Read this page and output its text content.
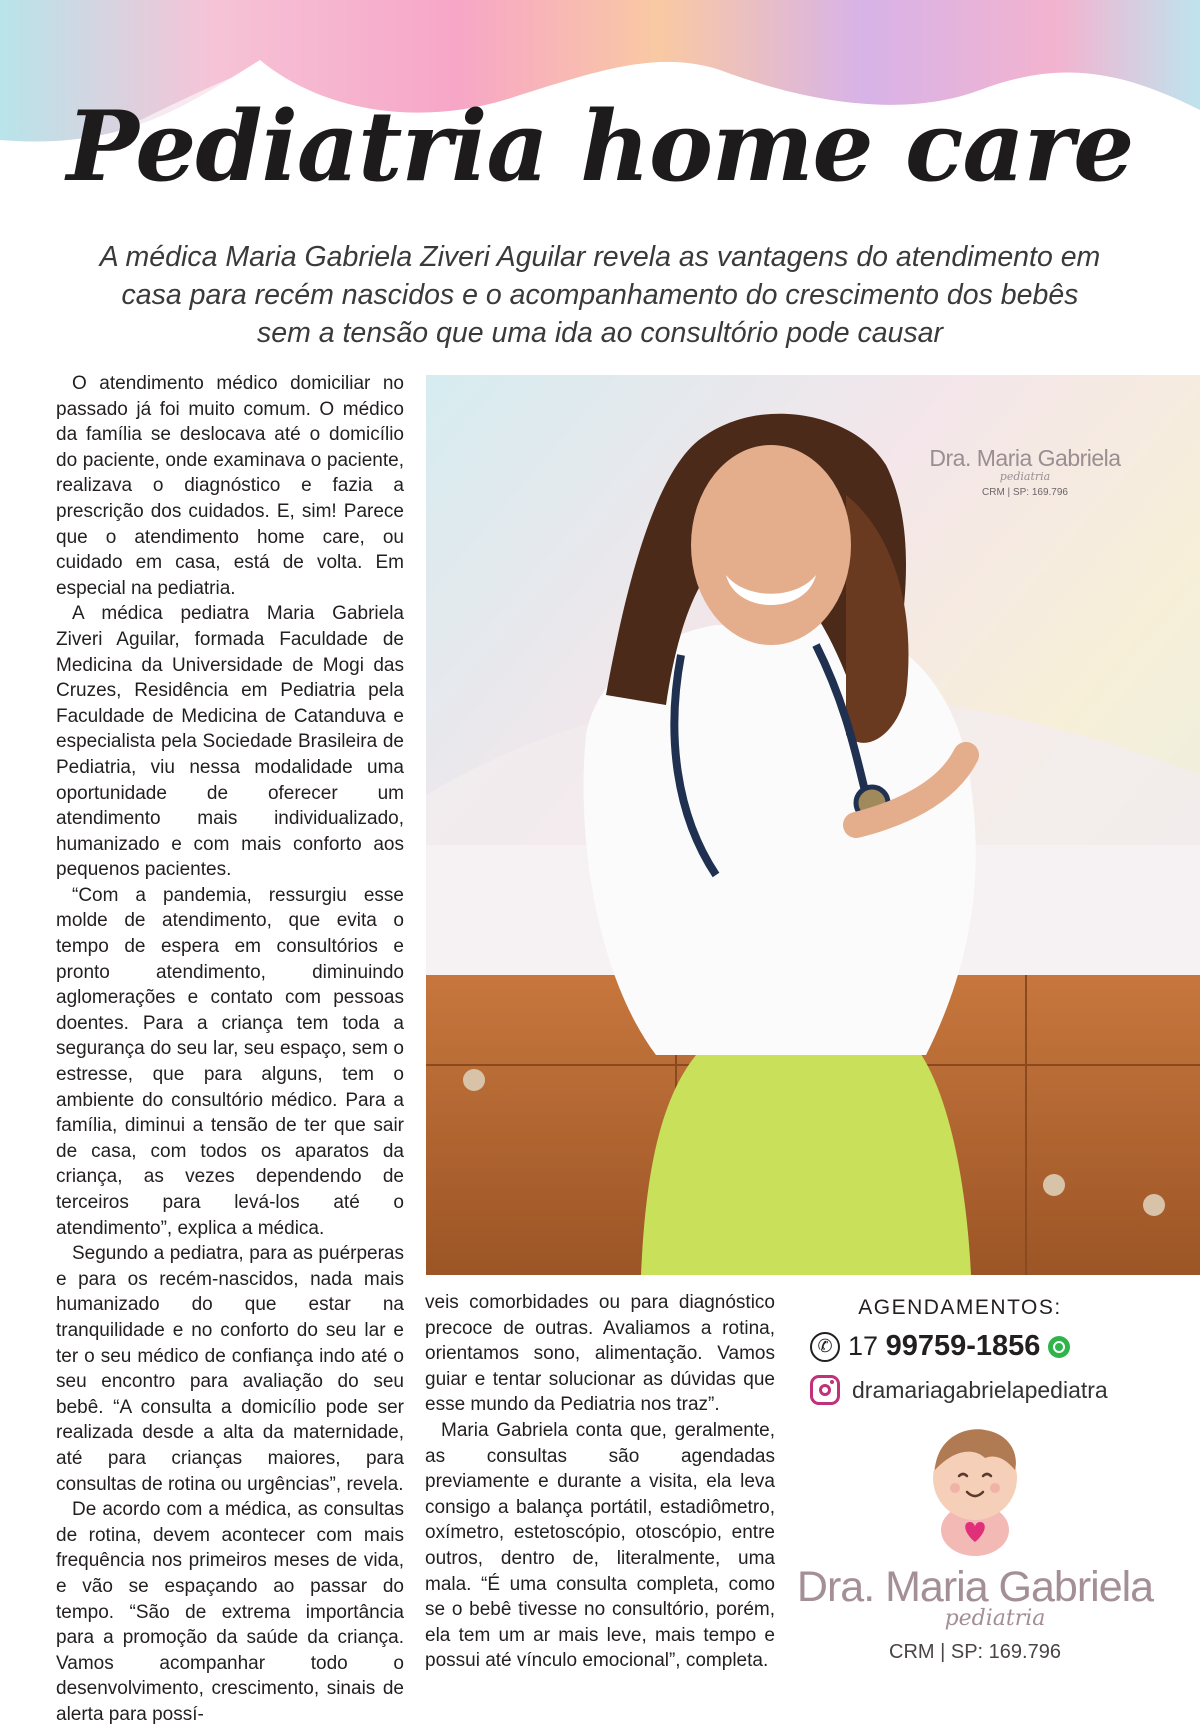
Pediatria home care
A médica Maria Gabriela Ziveri Aguilar revela as vantagens do atendimento em
casa para recém nascidos e o acompanhamento do crescimento dos bebês
sem a tensão que uma ida ao consultório pode causar

O atendimento médico domiciliar no passado já foi muito comum. O médico da família se deslocava até o domicílio do paciente, onde examinava o paciente, realizava o diagnóstico e fazia a prescrição dos cuidados. E, sim! Parece que o atendimento home care, ou cuidado em casa, está de volta. Em especial na pediatria.

A médica pediatra Maria Gabriela Ziveri Aguilar, formada Faculdade de Medicina da Universidade de Mogi das Cruzes, Residência em Pediatria pela Faculdade de Medicina de Catanduva e especialista pela Sociedade Brasileira de Pediatria, viu nessa modalidade uma oportunidade de oferecer um atendimento mais individualizado, humanizado e com mais conforto aos pequenos pacientes.

“Com a pandemia, ressurgiu esse molde de atendimento, que evita o tempo de espera em consultórios e pronto atendimento, diminuindo aglomerações e contato com pessoas doentes. Para a criança tem toda a segurança do seu lar, seu espaço, sem o estresse, que para alguns, tem o ambiente do consultório médico. Para a família, diminui a tensão de ter que sair de casa, com todos os aparatos da criança, as vezes dependendo de terceiros para levá-los até o atendimento”, explica a médica.

Segundo a pediatra, para as puérperas e para os recém-nascidos, nada mais humanizado do que estar na tranquilidade e no conforto do seu lar e ter o seu médico de confiança indo até o seu encontro para avaliação do seu bebê. “A consulta a domicílio pode ser realizada desde a alta da maternidade, até para crianças maiores, para consultas de rotina ou urgências”, revela.

De acordo com a médica, as consultas de rotina, devem acontecer com mais frequência nos primeiros meses de vida, e vão se espaçando ao passar do tempo. “São de extrema importância para a promoção da saúde da criança. Vamos acompanhar todo o desenvolvimento, crescimento, sinais de alerta para possí-

Dra. Maria Gabriela
pediatria
CRM | SP: 169.796

veis comorbidades ou para diagnóstico precoce de outras. Avaliamos a rotina, orientamos sono, alimentação. Vamos guiar e tentar solucionar as dúvidas que esse mundo da Pediatria nos traz”.

Maria Gabriela conta que, geralmente, as consultas são agendadas previamente e durante a visita, ela leva consigo a balança portátil, estadiômetro, oxímetro, estetoscópio, otoscópio, entre outros, dentro de, literalmente, uma mala. “É uma consulta completa, como se o bebê tivesse no consultório, porém, ela tem um ar mais leve, mais tempo e possui até vínculo emocional”, completa.

AGENDAMENTOS:
✆ 17 99759-1856
dramariagabrielapediatra
Dra. Maria Gabriela
pediatria
CRM | SP: 169.796
